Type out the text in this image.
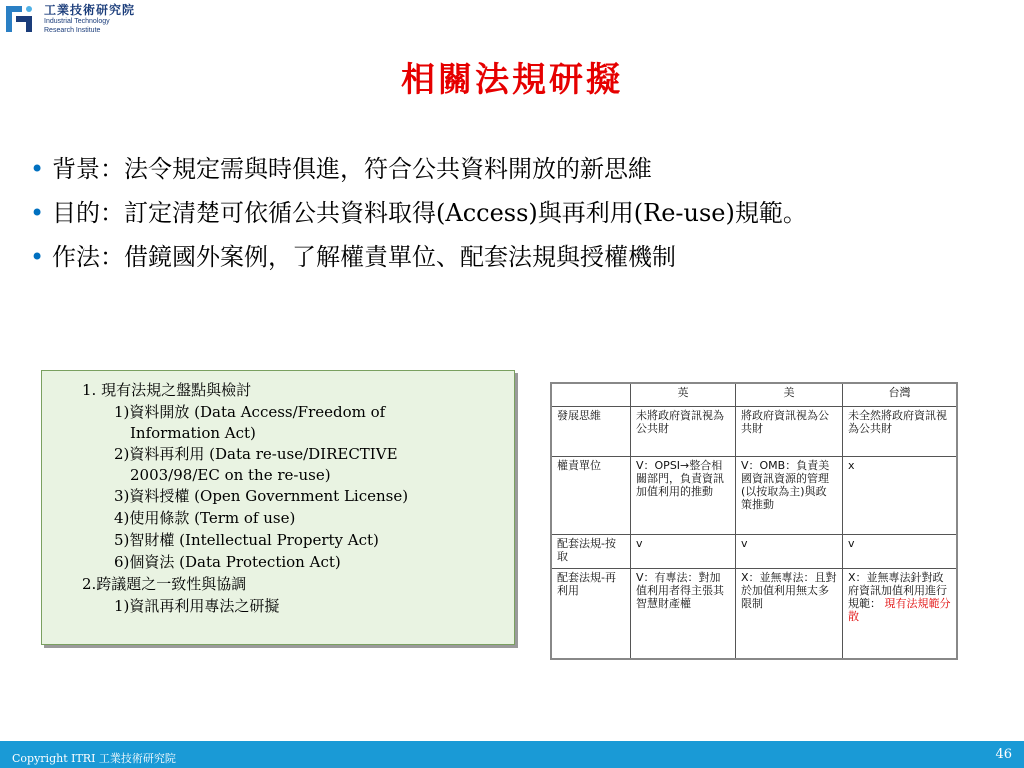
工業技術研究院
Industrial Technology
Research Institute
相關法規研擬
• 背景：法令規定需與時俱進，符合公共資料開放的新思維
• 目的：訂定清楚可依循公共資料取得(Access)與再利用(Re-use)規範。
• 作法：借鏡國外案例，了解權責單位、配套法規與授權機制
1. 現有法規之盤點與檢討
1)資料開放 (Data Access/Freedom of
Information Act)
2)資料再利用 (Data re-use/DIRECTIVE
2003/98/EC on the re-use)
3)資料授權 (Open Government License)
4)使用條款 (Term of use)
5)智財權 (Intellectual Property Act)
6)個資法 (Data Protection Act)
2.跨議題之一致性與協調
1)資訊再利用專法之研擬
	英	美	台灣
發展思維	未將政府資訊視為公共財	將政府資訊視為公共財	未全然將政府資訊視為公共財
權責單位	V：OPSI→整合相關部門，負責資訊加值利用的推動	V：OMB：負責美國資訊資源的管理(以按取為主)與政策推動	x
配套法規-按取	v	v	v
配套法規-再利用	V：有專法：對加值利用者得主張其智慧財產權	X：並無專法：且對於加值利用無太多限制	X：並無專法針對政府資訊加值利用進行規範： 現有法規範分散
Copyright ITRI 工業技術研究院	46
